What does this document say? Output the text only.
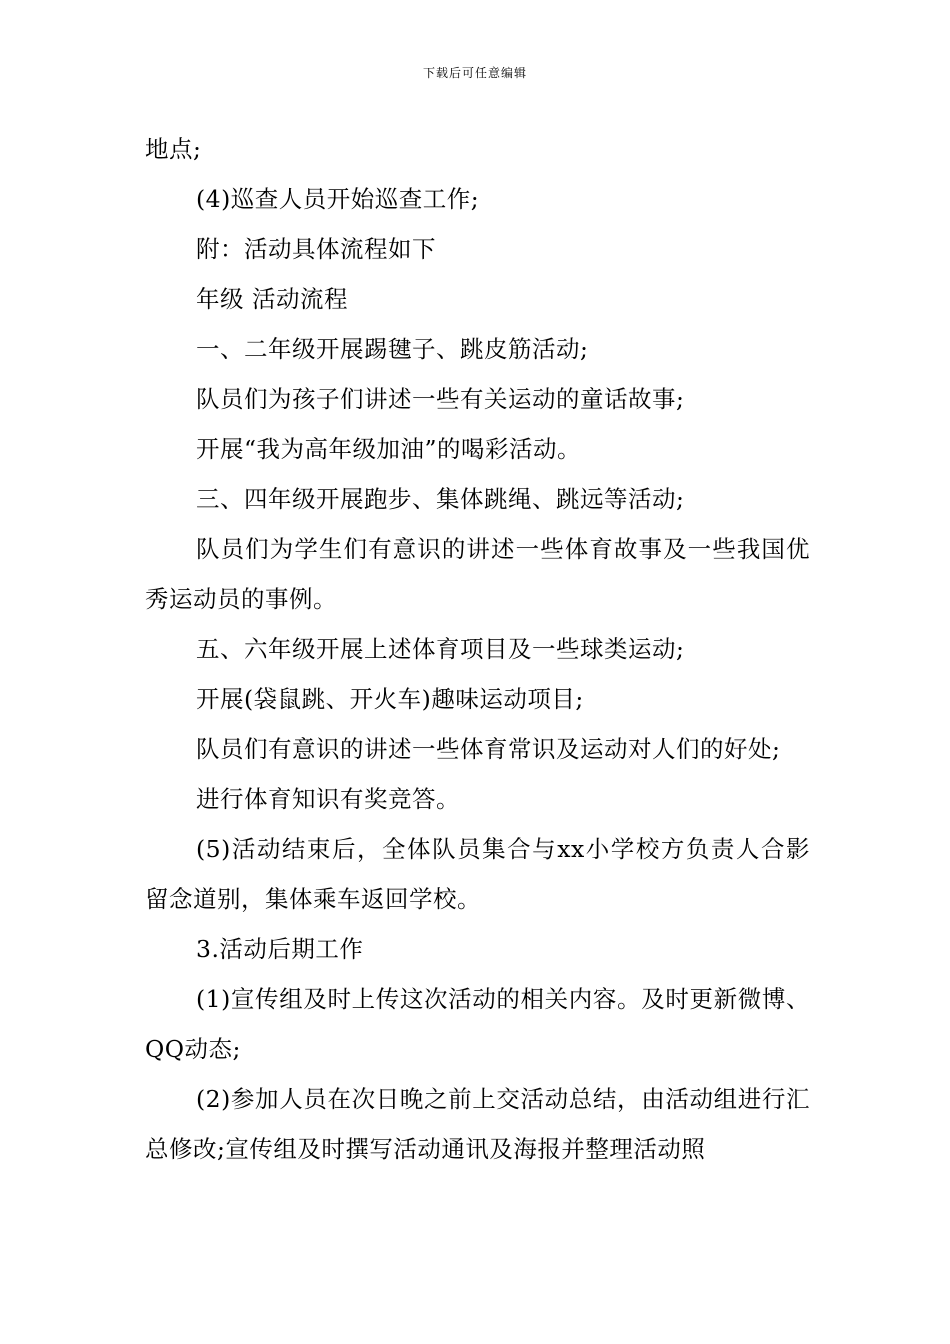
下载后可任意编辑

地点;

(4)巡查人员开始巡查工作;

附：活动具体流程如下

年级 活动流程

一、二年级开展踢毽子、跳皮筋活动;

队员们为孩子们讲述一些有关运动的童话故事;

开展“我为高年级加油”的喝彩活动。

三、四年级开展跑步、集体跳绳、跳远等活动;

队员们为学生们有意识的讲述一些体育故事及一些我国优秀运动员的事例。

五、六年级开展上述体育项目及一些球类运动;

开展(袋鼠跳、开火车)趣味运动项目;

队员们有意识的讲述一些体育常识及运动对人们的好处;

进行体育知识有奖竞答。

(5)活动结束后，全体队员集合与xx小学校方负责人合影留念道别，集体乘车返回学校。

3.活动后期工作

(1)宣传组及时上传这次活动的相关内容。及时更新微博、QQ动态;

(2)参加人员在次日晚之前上交活动总结，由活动组进行汇总修改;宣传组及时撰写活动通讯及海报并整理活动照
